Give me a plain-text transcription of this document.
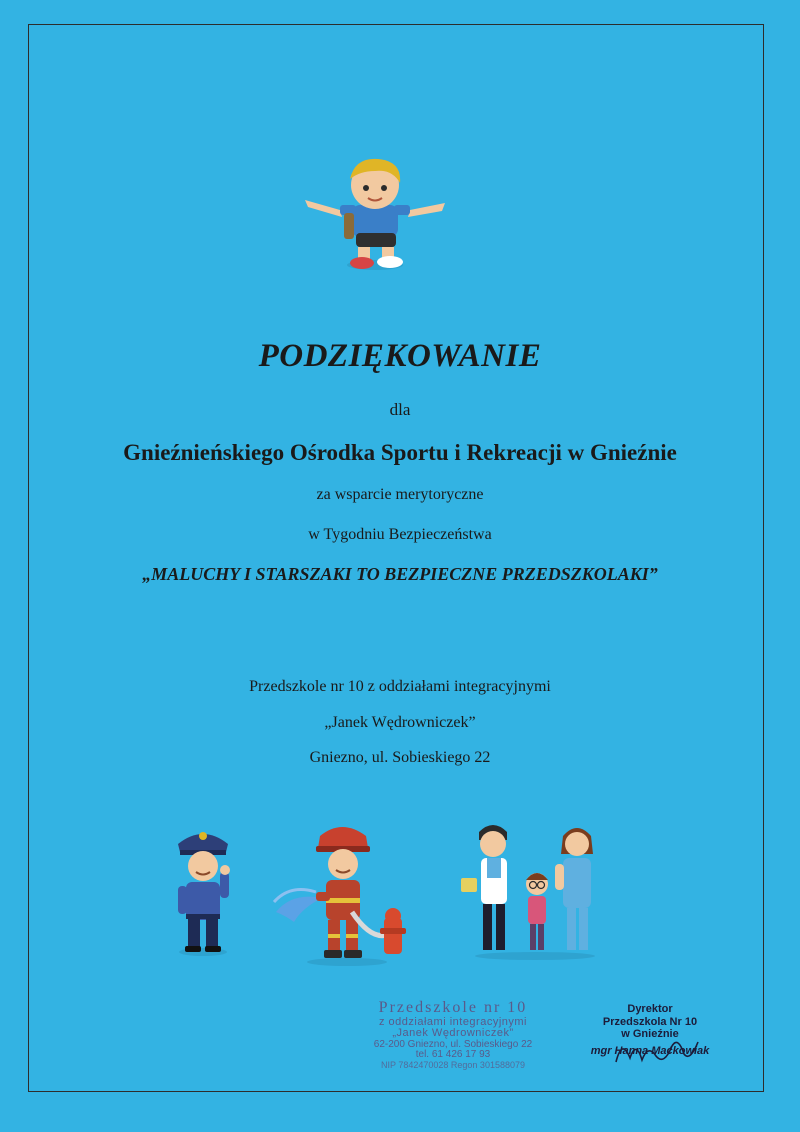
PODZIĘKOWANIE
dla
Gnieźnieńskiego Ośrodka Sportu i Rekreacji w Gnieźnie
za wsparcie merytoryczne
w Tygodniu Bezpieczeństwa
„MALUCHY I STARSZAKI TO BEZPIECZNE PRZEDSZKOLAKI”
Przedszkole nr 10 z oddziałami integracyjnymi
„Janek Wędrowniczek”
Gniezno, ul. Sobieskiego 22
Przedszkole nr 10
z oddziałami integracyjnymi
„Janek Wędrowniczek”
62-200 Gniezno, ul. Sobieskiego 22
tel. 61 426 17 93
NIP 7842470028 Regon 301588079
Dyrektor
Przedszkola Nr 10
w Gnieźnie
mgr Hanna Maćkowiak
